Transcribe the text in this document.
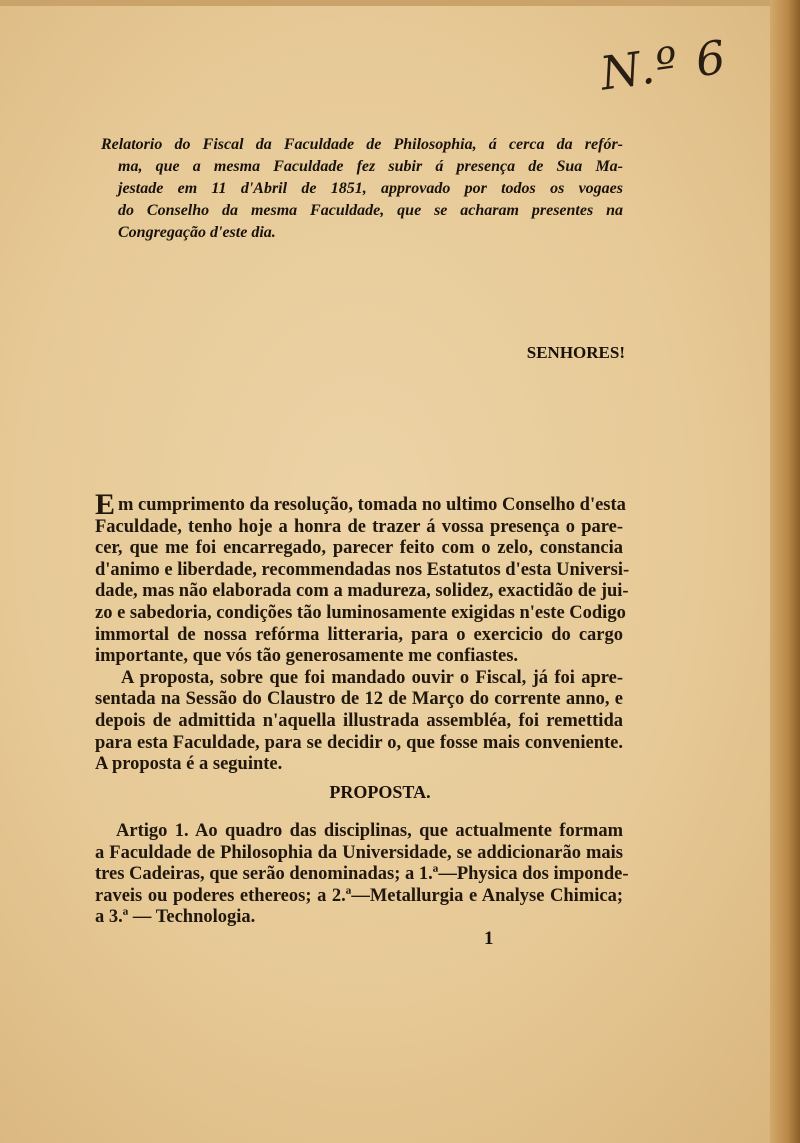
N.º 6
Relatorio do Fiscal da Faculdade de Philosophia, á cerca da refór-
ma, que a mesma Faculdade fez subir á presença de Sua Ma-
jestade em 11 d'Abril de 1851, approvado por todos os vogaes
do Conselho da mesma Faculdade, que se acharam presentes na
Congregação d'este dia.
SENHORES!
E m cumprimento da resolução, tomada no ultimo Conselho d'esta
Faculdade, tenho hoje a honra de trazer á vossa presença o pare-
cer, que me foi encarregado, parecer feito com o zelo, constancia
d'animo e liberdade, recommendadas nos Estatutos d'esta Universi-
dade, mas não elaborada com a madureza, solidez, exactidão de jui-
zo e sabedoria, condições tão luminosamente exigidas n'este Codigo
immortal de nossa refórma litteraria, para o exercicio do cargo
importante, que vós tão generosamente me confiastes.
A proposta, sobre que foi mandado ouvir o Fiscal, já foi apre-
sentada na Sessão do Claustro de 12 de Março do corrente anno, e
depois de admittida n'aquella illustrada assembléa, foi remettida
para esta Faculdade, para se decidir o, que fosse mais conveniente.
A proposta é a seguinte.
PROPOSTA.
Artigo 1. Ao quadro das disciplinas, que actualmente formam
a Faculdade de Philosophia da Universidade, se addicionarão mais
tres Cadeiras, que serão denominadas; a 1.ª—Physica dos imponde-
raveis ou poderes ethereos; a 2.ª—Metallurgia e Analyse Chimica;
a 3.ª — Technologia.
1
